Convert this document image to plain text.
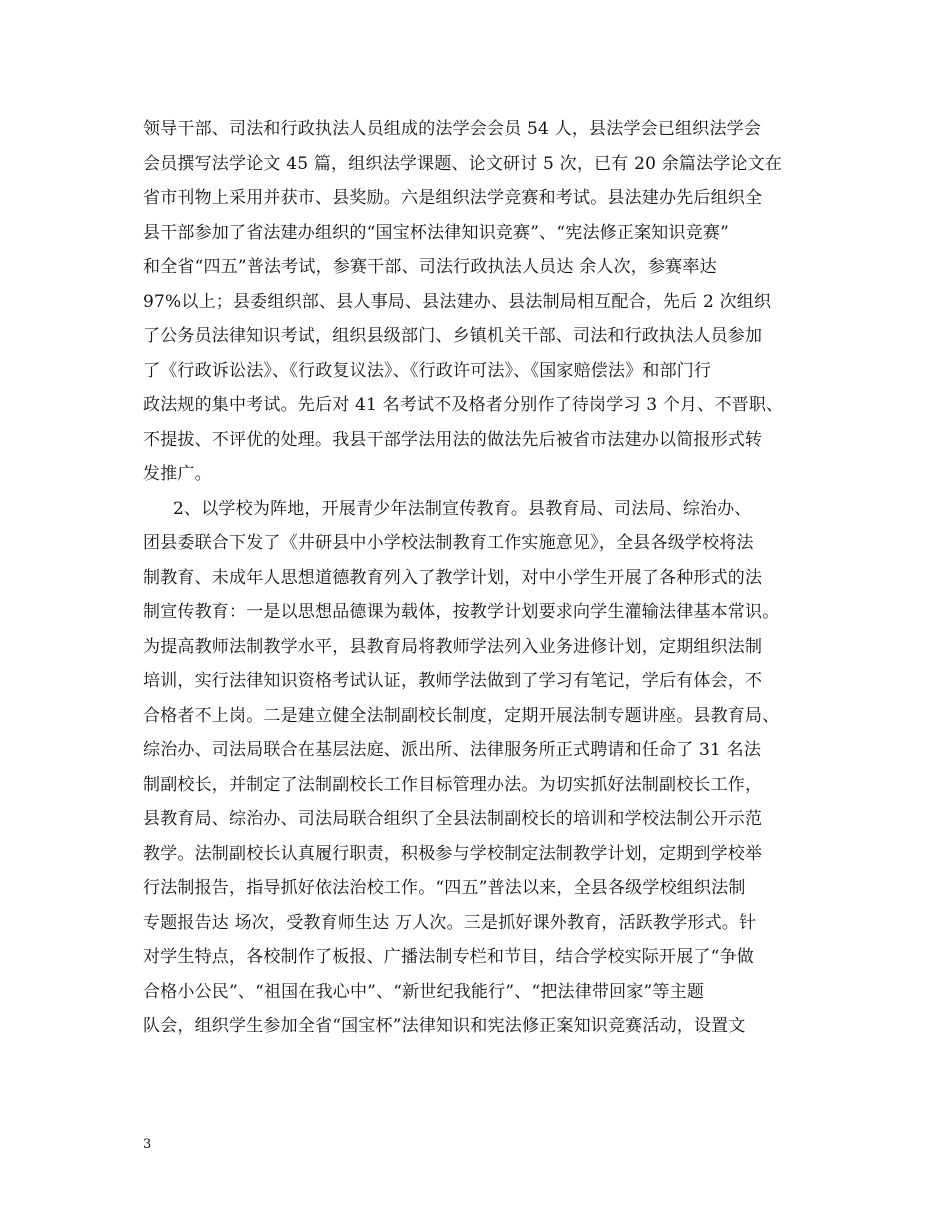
领导干部、司法和行政执法人员组成的法学会会员 54 人，县法学会已组织法学会
会员撰写法学论文 45 篇，组织法学课题、论文研讨 5 次，已有 20 余篇法学论文在
省市刊物上采用并获市、县奖励。六是组织法学竞赛和考试。县法建办先后组织全
县干部参加了省法建办组织的“国宝杯法律知识竞赛”、“宪法修正案知识竞赛”
和全省“四五”普法考试，参赛干部、司法行政执法人员达 余人次，参赛率达
97%以上；县委组织部、县人事局、县法建办、县法制局相互配合，先后 2 次组织
了公务员法律知识考试，组织县级部门、乡镇机关干部、司法和行政执法人员参加
了《行政诉讼法》、《行政复议法》、《行政许可法》、《国家赔偿法》和部门行
政法规的集中考试。先后对 41 名考试不及格者分别作了待岗学习 3 个月、不晋职、
不提拔、不评优的处理。我县干部学法用法的做法先后被省市法建办以简报形式转
发推广。
2、以学校为阵地，开展青少年法制宣传教育。县教育局、司法局、综治办、
团县委联合下发了《井研县中小学校法制教育工作实施意见》，全县各级学校将法
制教育、未成年人思想道德教育列入了教学计划，对中小学生开展了各种形式的法
制宣传教育：一是以思想品德课为载体，按教学计划要求向学生灌输法律基本常识。
为提高教师法制教学水平，县教育局将教师学法列入业务进修计划，定期组织法制
培训，实行法律知识资格考试认证，教师学法做到了学习有笔记，学后有体会，不
合格者不上岗。二是建立健全法制副校长制度，定期开展法制专题讲座。县教育局、
综治办、司法局联合在基层法庭、派出所、法律服务所正式聘请和任命了 31 名法
制副校长，并制定了法制副校长工作目标管理办法。为切实抓好法制副校长工作，
县教育局、综治办、司法局联合组织了全县法制副校长的培训和学校法制公开示范
教学。法制副校长认真履行职责，积极参与学校制定法制教学计划，定期到学校举
行法制报告，指导抓好依法治校工作。“四五”普法以来，全县各级学校组织法制
专题报告达 场次，受教育师生达 万人次。三是抓好课外教育，活跃教学形式。针
对学生特点，各校制作了板报、广播法制专栏和节目，结合学校实际开展了“争做
合格小公民”、“祖国在我心中”、“新世纪我能行”、“把法律带回家”等主题
队会，组织学生参加全省“国宝杯”法律知识和宪法修正案知识竞赛活动，设置文
3
